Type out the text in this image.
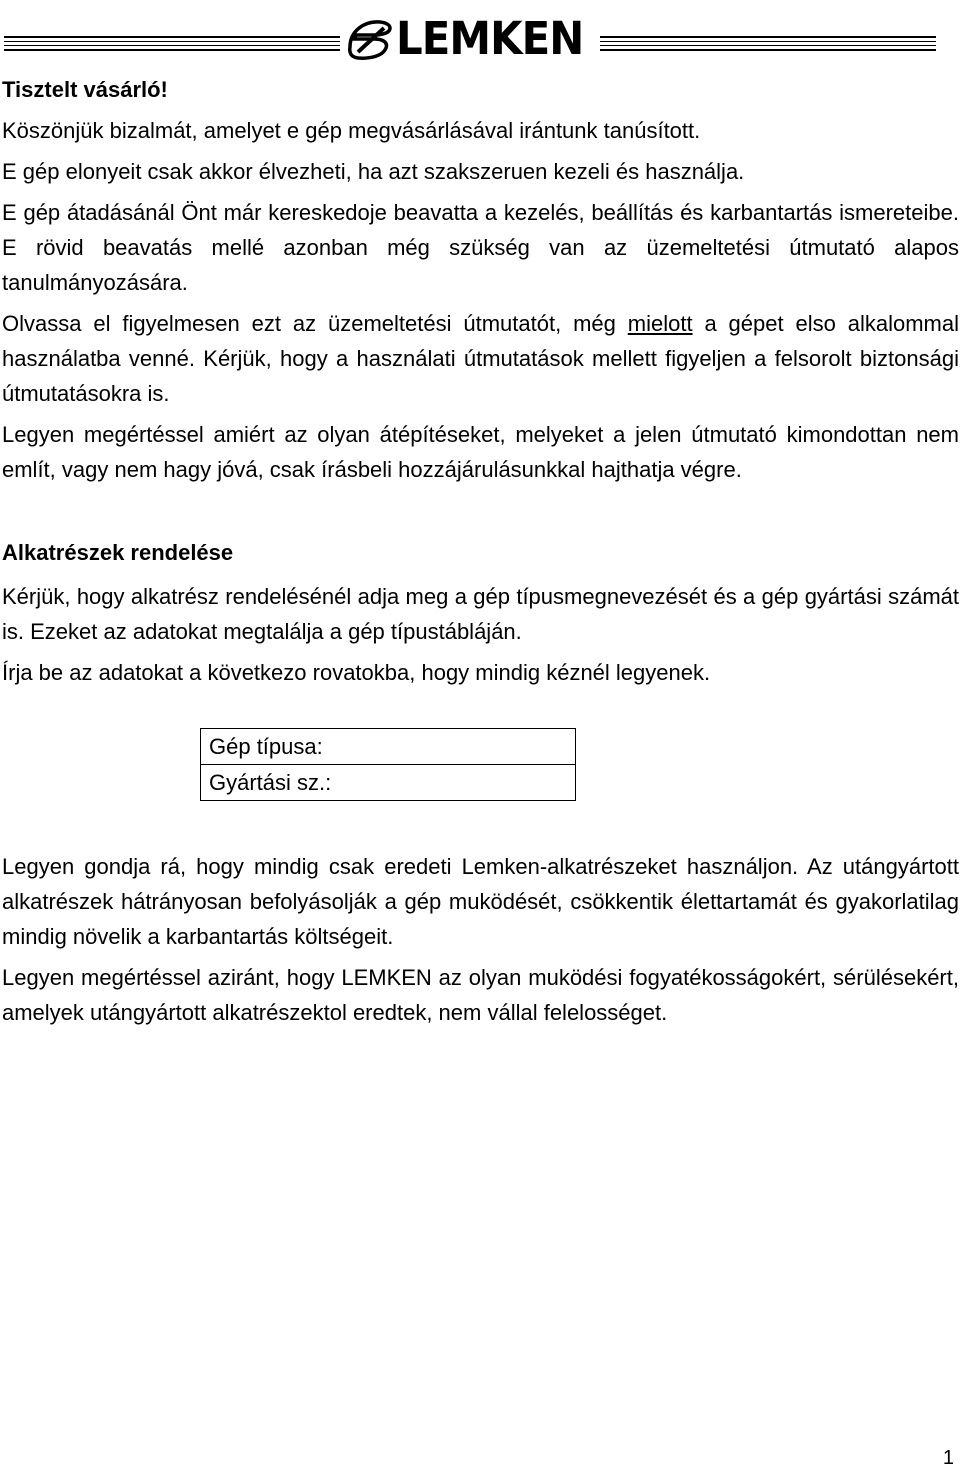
LEMKEN

Tisztelt vásárló!

Köszönjük bizalmát, amelyet e gép megvásárlásával irántunk tanúsított.

E gép elonyeit csak akkor élvezheti, ha azt szakszeruen kezeli és használja.

E gép átadásánál Önt már kereskedoje beavatta a kezelés, beállítás és karbantartás ismereteibe. E rövid beavatás mellé azonban még szükség van az üzemeltetési útmutató alapos tanulmányozására.

Olvassa el figyelmesen ezt az üzemeltetési útmutatót, még mielott a gépet elso alkalommal használatba venné. Kérjük, hogy a használati útmutatások mellett figyeljen a felsorolt biztonsági útmutatásokra is.

Legyen megértéssel amiért az olyan átépítéseket, melyeket a jelen útmutató kimondottan nem említ, vagy nem hagy jóvá, csak írásbeli hozzájárulásunkkal hajthatja végre.

Alkatrészek rendelése

Kérjük, hogy alkatrész rendelésénél adja meg a gép típusmegnevezését és a gép gyártási számát is. Ezeket az adatokat megtalálja a gép típustábláján.

Írja be az adatokat a következo rovatokba, hogy mindig kéznél legyenek.

Gép típusa:
Gyártási sz.:

Legyen gondja rá, hogy mindig csak eredeti Lemken-alkatrészeket használjon. Az utángyártott alkatrészek hátrányosan befolyásolják a gép muködését, csökkentik élettartamát és gyakorlatilag mindig növelik a karbantartás költségeit.

Legyen megértéssel aziránt, hogy LEMKEN az olyan muködési fogyatékosságokért, sérülésekért, amelyek utángyártott alkatrészektol eredtek, nem vállal felelosséget.

1
